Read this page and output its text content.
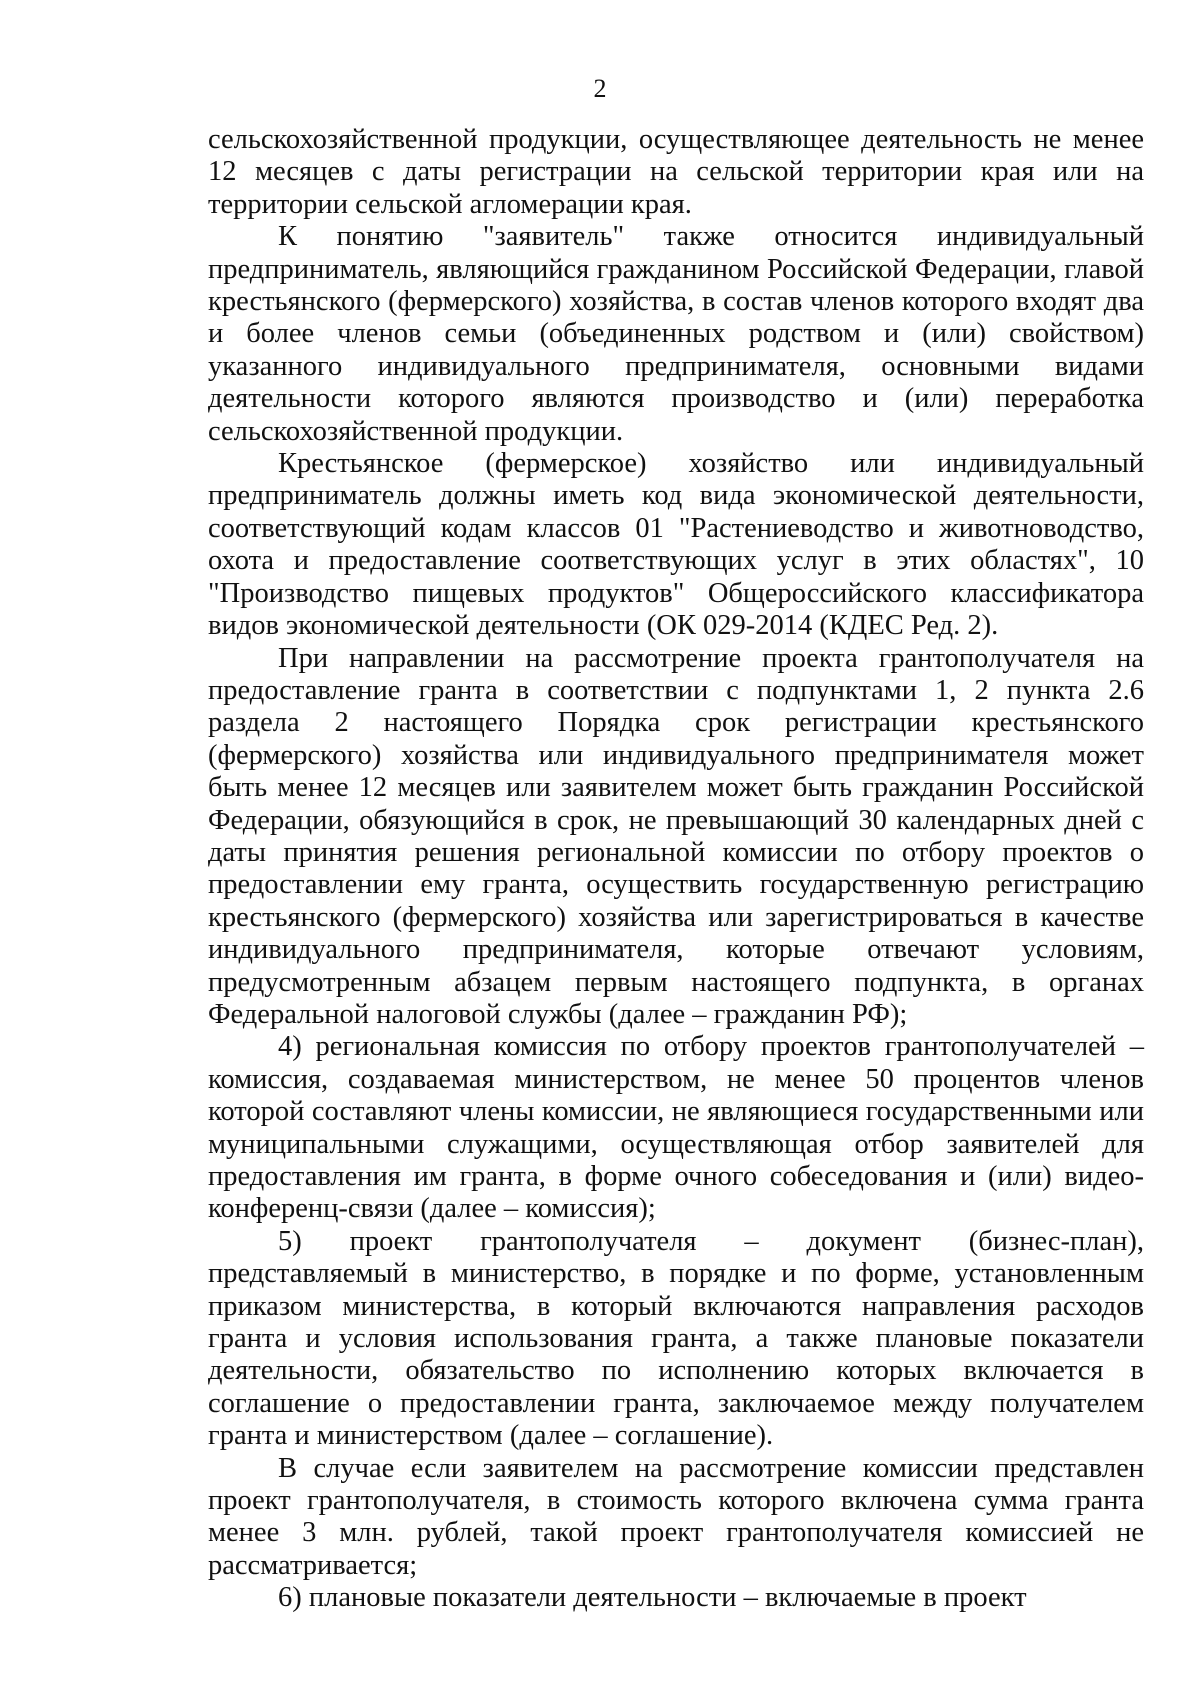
2

сельскохозяйственной продукции, осуществляющее деятельность не менее 12 месяцев с даты регистрации на сельской территории края или на территории сельской агломерации края.

К понятию "заявитель" также относится индивидуальный предприниматель, являющийся гражданином Российской Федерации, главой крестьянского (фермерского) хозяйства, в состав членов которого входят два и более членов семьи (объединенных родством и (или) свойством) указанного индивидуального предпринимателя, основными видами деятельности которого являются производство и (или) переработка сельскохозяйственной продукции.

Крестьянское (фермерское) хозяйство или индивидуальный предприниматель должны иметь код вида экономической деятельности, соответствующий кодам классов 01 "Растениеводство и животноводство, охота и предоставление соответствующих услуг в этих областях", 10 "Производство пищевых продуктов" Общероссийского классификатора видов экономической деятельности (ОК 029-2014 (КДЕС Ред. 2).

При направлении на рассмотрение проекта грантополучателя на предоставление гранта в соответствии с подпунктами 1, 2 пункта 2.6 раздела 2 настоящего Порядка срок регистрации крестьянского (фермерского) хозяйства или индивидуального предпринимателя может быть менее 12 месяцев или заявителем может быть гражданин Российской Федерации, обязующийся в срок, не превышающий 30 календарных дней с даты принятия решения региональной комиссии по отбору проектов о предоставлении ему гранта, осуществить государственную регистрацию крестьянского (фермерского) хозяйства или зарегистрироваться в качестве индивидуального предпринимателя, которые отвечают условиям, предусмотренным абзацем первым настоящего подпункта, в органах Федеральной налоговой службы (далее – гражданин РФ);

4) региональная комиссия по отбору проектов грантополучателей – комиссия, создаваемая министерством, не менее 50 процентов членов которой составляют члены комиссии, не являющиеся государственными или муниципальными служащими, осуществляющая отбор заявителей для предоставления им гранта, в форме очного собеседования и (или) видео-конференц-связи (далее – комиссия);

5) проект грантополучателя – документ (бизнес-план), представляемый в министерство, в порядке и по форме, установленным приказом министерства, в который включаются направления расходов гранта и условия использования гранта, а также плановые показатели деятельности, обязательство по исполнению которых включается в соглашение о предоставлении гранта, заключаемое между получателем гранта и министерством (далее – соглашение).

В случае если заявителем на рассмотрение комиссии представлен проект грантополучателя, в стоимость которого включена сумма гранта менее 3 млн. рублей, такой проект грантополучателя комиссией не рассматривается;

6) плановые показатели деятельности – включаемые в проект
